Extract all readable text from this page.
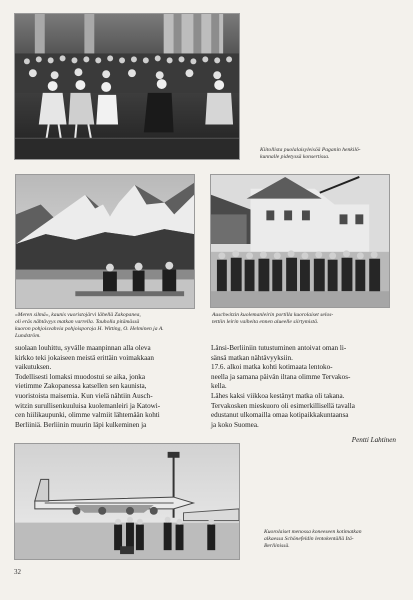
Kiitollista puolalaisyleisöä Paganin henkilö-
kunnalle pidetyssä konsertissa.
»Meren silmä», kaunis vuoristojärvi lähellä Zakopanea,
oli eräs nähtävyys matkan varrella. Tauholla pitämässä
kuoron pohjoisvahvia pohjoisporoja H. Witting, O. Helminen ja A.
Lundström.
Auschwitzin kuolemanleirin portilla kuorolaiset selos-
tettiin leirin vaiheita ennen alueelle siirtymistä.
suolaan louhittu, syvälle maanpinnan alla oleva
kirkko teki jokaiseen meistä erittäin voimakkaan
vaikutuksen.
Todellisesti lomaksi muodostui se aika, jonka
vietimme Zakopanessa katsellen sen kaunista,
vuoristoista maisemia. Kun vielä nähtiin Ausch-
witzin surullisenkuuluisa kuolemanleiri ja Katowi-
cen hiilikaupunki, olimme valmiit lähtemään kohti
Berliiniä. Berliinin muurin läpi kulkeminen ja
Länsi-Berliiniin tutustuminen antoivat oman li-
sänsä matkan nähtävyyksiin.
17.6. alkoi matka kohti kotimaata lentoko-
neella ja samana päivän iltana olimme Tervakos-
kella.
Lähes kaksi viikkoa kestänyt matka oli takana.
Tervakosken mieskuoro oli esimerkillisellä tavalla
edustanut ulkomailla omaa kotipaikkakuntaansa
ja koko Suomea.
Pentti Lahtinen
Kuorolaiset menossa koneeseen kotimatkan
alkaessa Schönefeldin lentokentällä Itä-
Berliinissä.
32
